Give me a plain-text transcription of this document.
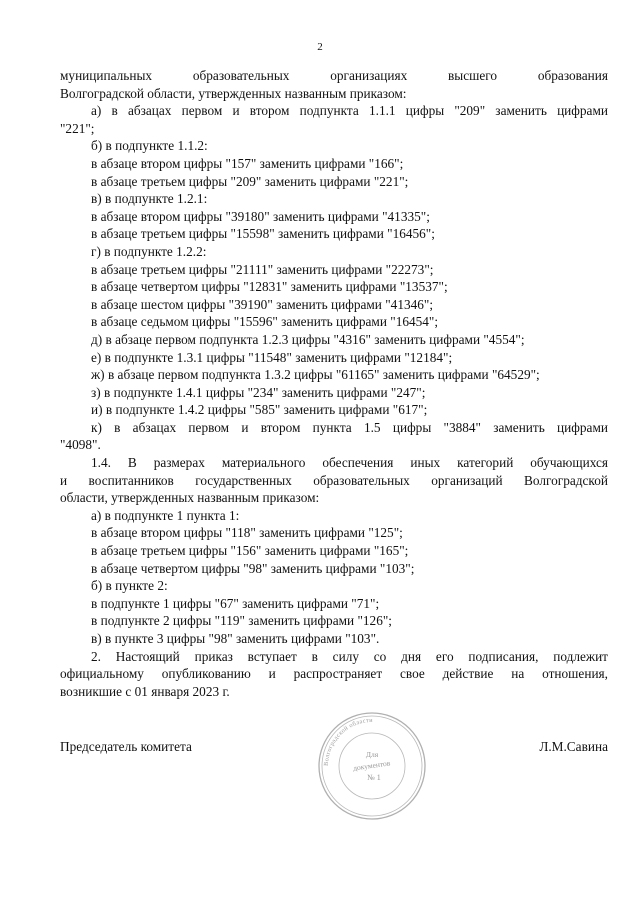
2
муниципальных образовательных организациях высшего образования
Волгоградской области, утвержденных названным приказом:
а) в абзацах первом и втором подпункта 1.1.1 цифры "209" заменить цифрами
"221";
б) в подпункте 1.1.2:
в абзаце втором цифры "157" заменить цифрами "166";
в абзаце третьем цифры "209" заменить цифрами "221";
в) в подпункте 1.2.1:
в абзаце втором цифры "39180" заменить цифрами "41335";
в абзаце третьем цифры "15598" заменить цифрами "16456";
г) в подпункте 1.2.2:
в абзаце третьем цифры "21111" заменить цифрами "22273";
в абзаце четвертом цифры "12831" заменить цифрами "13537";
в абзаце шестом цифры "39190" заменить цифрами "41346";
в абзаце седьмом цифры "15596" заменить цифрами "16454";
д) в абзаце первом подпункта 1.2.3 цифры "4316" заменить цифрами "4554";
е) в подпункте 1.3.1 цифры "11548" заменить цифрами "12184";
ж) в абзаце первом подпункта 1.3.2 цифры "61165" заменить цифрами "64529";
з) в подпункте 1.4.1 цифры "234" заменить цифрами "247";
и) в подпункте 1.4.2 цифры "585" заменить цифрами "617";
к) в абзацах первом и втором пункта 1.5 цифры "3884" заменить цифрами
"4098".
1.4. В размерах материального обеспечения иных категорий обучающихся
и воспитанников государственных образовательных организаций Волгоградской
области, утвержденных названным приказом:
а) в подпункте 1 пункта 1:
в абзаце втором цифры "118" заменить цифрами "125";
в абзаце третьем цифры "156" заменить цифрами "165";
в абзаце четвертом цифры "98" заменить цифрами "103";
б) в пункте 2:
в подпункте 1 цифры "67" заменить цифрами "71";
в подпункте 2 цифры "119" заменить цифрами "126";
в) в пункте 3 цифры "98" заменить цифрами "103".
2. Настоящий приказ вступает в силу со дня его подписания, подлежит
официальному опубликованию и распространяет свое действие на отношения,
возникшие с 01 января 2023 г.
Председатель комитета	Л.М.Савина
Волгоградской области
Для
документов
№ 1
